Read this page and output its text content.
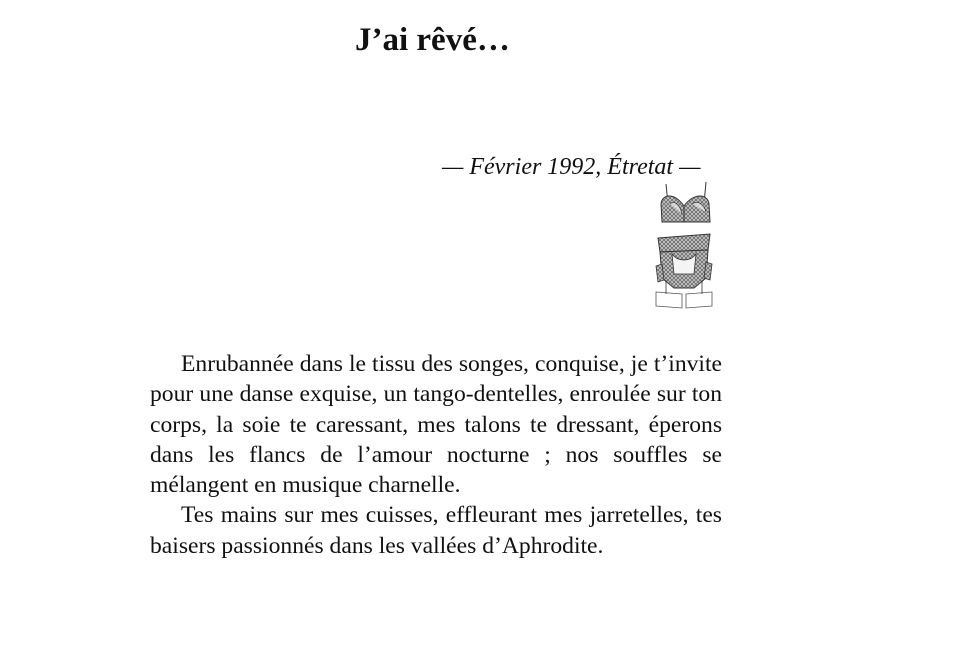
J’ai rêvé…
— Février 1992, Étretat —

Enrubannée dans le tissu des songes, conquise, je t’invite pour une danse exquise, un tango-dentelles, enroulée sur ton corps, la soie te caressant, mes talons te dressant, éperons dans les flancs de l’amour nocturne ; nos souffles se mélangent en musique charnelle.

Tes mains sur mes cuisses, effleurant mes jarretelles, tes baisers passionnés dans les vallées d’Aphrodite.
